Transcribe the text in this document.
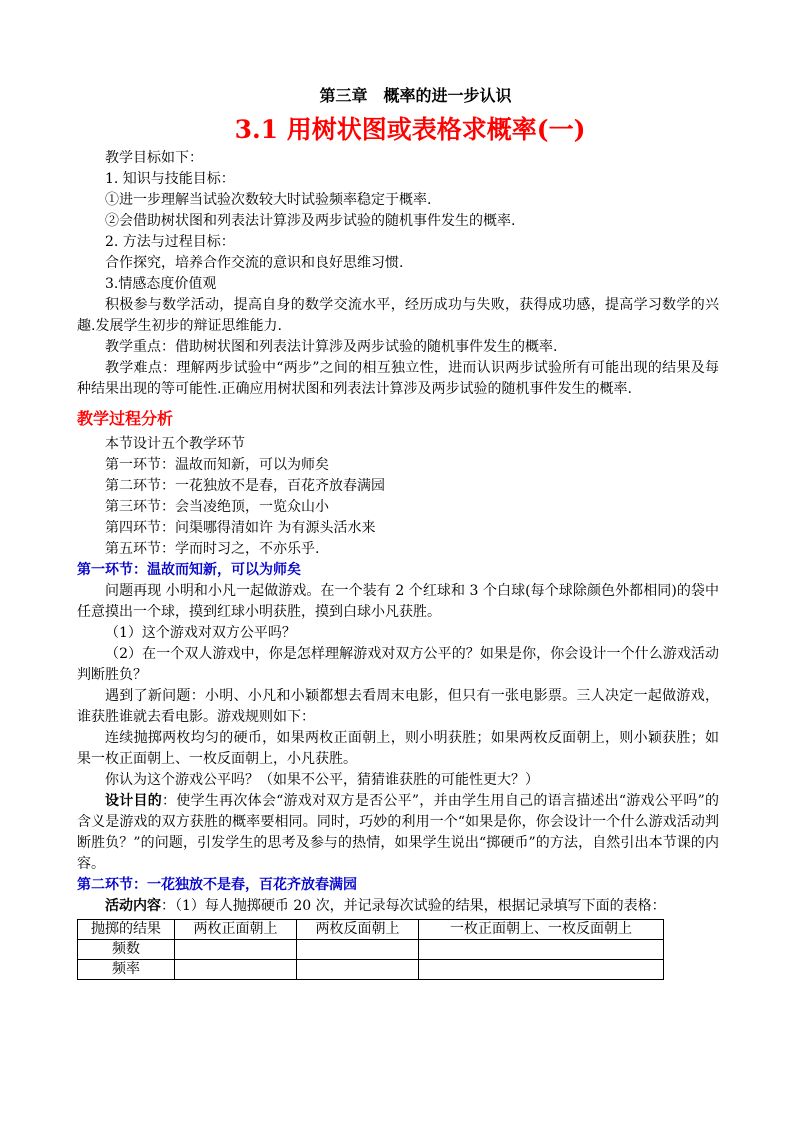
第三章　概率的进一步认识
3.1 用树状图或表格求概率(一)

教学目标如下：

1. 知识与技能目标：

①进一步理解当试验次数较大时试验频率稳定于概率.

②会借助树状图和列表法计算涉及两步试验的随机事件发生的概率.

2. 方法与过程目标：

合作探究，培养合作交流的意识和良好思维习惯.

3.情感态度价值观

积极参与数学活动，提高自身的数学交流水平，经历成功与失败，获得成功感，提高学习数学的兴趣.发展学生初步的辩证思维能力.

教学重点：借助树状图和列表法计算涉及两步试验的随机事件发生的概率.

教学难点：理解两步试验中“两步”之间的相互独立性，进而认识两步试验所有可能出现的结果及每种结果出现的等可能性.正确应用树状图和列表法计算涉及两步试验的随机事件发生的概率.

教学过程分析

本节设计五个教学环节

第一环节：温故而知新，可以为师矣

第二环节：一花独放不是春，百花齐放春满园

第三环节：会当凌绝顶，一览众山小

第四环节：问渠哪得清如许 为有源头活水来

第五环节：学而时习之，不亦乐乎.

第一环节：温故而知新，可以为师矣

问题再现 小明和小凡一起做游戏。在一个装有 2 个红球和 3 个白球(每个球除颜色外都相同)的袋中任意摸出一个球，摸到红球小明获胜，摸到白球小凡获胜。

（1）这个游戏对双方公平吗？

（2）在一个双人游戏中，你是怎样理解游戏对双方公平的？如果是你，你会设计一个什么游戏活动判断胜负？

遇到了新问题：小明、小凡和小颖都想去看周末电影，但只有一张电影票。三人决定一起做游戏，谁获胜谁就去看电影。游戏规则如下：

连续抛掷两枚均匀的硬币，如果两枚正面朝上，则小明获胜；如果两枚反面朝上，则小颖获胜；如果一枚正面朝上、一枚反面朝上，小凡获胜。

你认为这个游戏公平吗？（如果不公平，猜猜谁获胜的可能性更大？）

设计目的：使学生再次体会“游戏对双方是否公平”，并由学生用自己的语言描述出“游戏公平吗”的含义是游戏的双方获胜的概率要相同。同时，巧妙的利用一个“如果是你，你会设计一个什么游戏活动判断胜负？”的问题，引发学生的思考及参与的热情，如果学生说出“掷硬币”的方法，自然引出本节课的内容。

第二环节：一花独放不是春，百花齐放春满园

活动内容：（1）每人抛掷硬币 20 次，并记录每次试验的结果，根据记录填写下面的表格：

抛掷的结果	两枚正面朝上	两枚反面朝上	一枚正面朝上、一枚反面朝上
频数			
频率			
